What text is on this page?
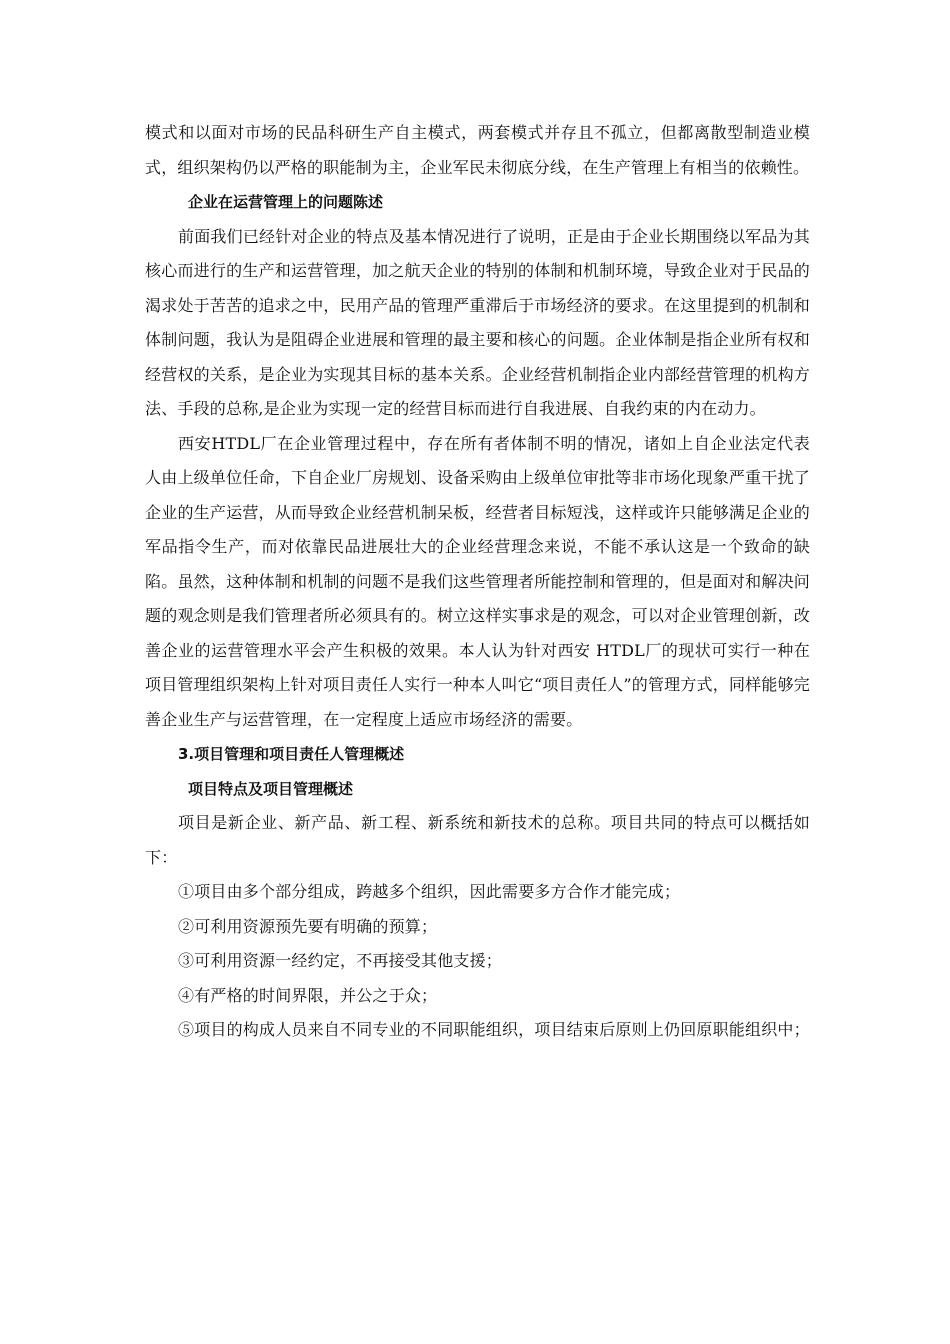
模式和以面对市场的民品科研生产自主模式，两套模式并存且不孤立，但都离散型制造业模式，组织架构仍以严格的职能制为主，企业军民未彻底分线，在生产管理上有相当的依赖性。

企业在运营管理上的问题陈述

前面我们已经针对企业的特点及基本情况进行了说明，正是由于企业长期围绕以军品为其核心而进行的生产和运营管理，加之航天企业的特别的体制和机制环境，导致企业对于民品的渴求处于苦苦的追求之中，民用产品的管理严重滞后于市场经济的要求。在这里提到的机制和体制问题，我认为是阻碍企业进展和管理的最主要和核心的问题。企业体制是指企业所有权和经营权的关系，是企业为实现其目标的基本关系。企业经营机制指企业内部经营管理的机构方法、手段的总称,是企业为实现一定的经营目标而进行自我进展、自我约束的内在动力。

西安HTDL厂在企业管理过程中，存在所有者体制不明的情况，诸如上自企业法定代表人由上级单位任命，下自企业厂房规划、设备采购由上级单位审批等非市场化现象严重干扰了企业的生产运营，从而导致企业经营机制呆板，经营者目标短浅，这样或许只能够满足企业的军品指令生产，而对依靠民品进展壮大的企业经营理念来说，不能不承认这是一个致命的缺陷。虽然，这种体制和机制的问题不是我们这些管理者所能控制和管理的，但是面对和解决问题的观念则是我们管理者所必须具有的。树立这样实事求是的观念，可以对企业管理创新，改善企业的运营管理水平会产生积极的效果。本人认为针对西安 HTDL厂的现状可实行一种在项目管理组织架构上针对项目责任人实行一种本人叫它“项目责任人”的管理方式，同样能够完善企业生产与运营管理，在一定程度上适应市场经济的需要。

3.项目管理和项目责任人管理概述

项目特点及项目管理概述

项目是新企业、新产品、新工程、新系统和新技术的总称。项目共同的特点可以概括如下：

①项目由多个部分组成，跨越多个组织，因此需要多方合作才能完成；

②可利用资源预先要有明确的预算；

③可利用资源一经约定，不再接受其他支援；

④有严格的时间界限，并公之于众；

⑤项目的构成人员来自不同专业的不同职能组织，项目结束后原则上仍回原职能组织中；
